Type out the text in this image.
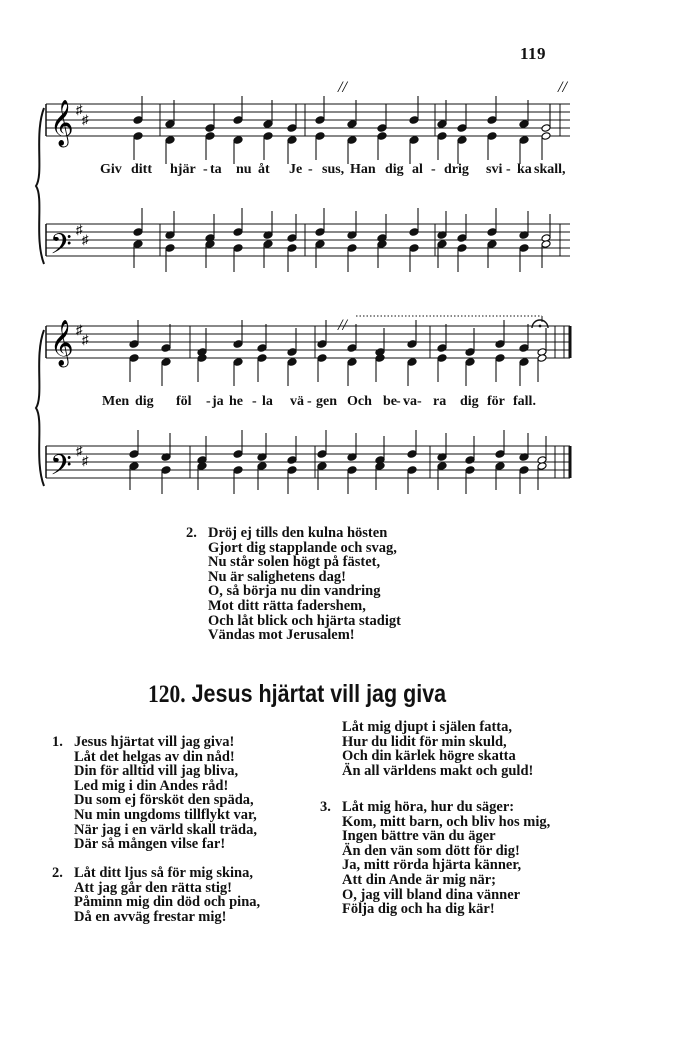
119
𝄞
𝄢
♯
♯
♯
♯
//	//
Giv ditt hjär - ta nu åt Je - sus, Han dig al - drig svi - ka skall,
𝄞
𝄢
♯
♯
♯
♯
//
Men dig föl - ja he - la vä - gen Och be - va - ra dig för fall.
2. Dröj ej tills den kulna hösten
Gjort dig stapplande och svag,
Nu står solen högt på fästet,
Nu är salighetens dag!
O, så börja nu din vandring
Mot ditt rätta fadershem,
Och låt blick och hjärta stadigt
Vändas mot Jerusalem!
120. Jesus hjärtat vill jag giva
1. Jesus hjärtat vill jag giva!
Låt det helgas av din nåd!
Din för alltid vill jag bliva,
Led mig i din Andes råd!
Du som ej försköt den späda,
Nu min ungdoms tillflykt var,
När jag i en värld skall träda,
Där så mången vilse far!
2. Låt ditt ljus så för mig skina,
Att jag går den rätta stig!
Påminn mig din död och pina,
Då en avväg frestar mig!
Låt mig djupt i själen fatta,
Hur du lidit för min skuld,
Och din kärlek högre skatta
Än all världens makt och guld!
3. Låt mig höra, hur du säger:
Kom, mitt barn, och bliv hos mig,
Ingen bättre vän du äger
Än den vän som dött för dig!
Ja, mitt rörda hjärta känner,
Att din Ande är mig när;
O, jag vill bland dina vänner
Följa dig och ha dig kär!
